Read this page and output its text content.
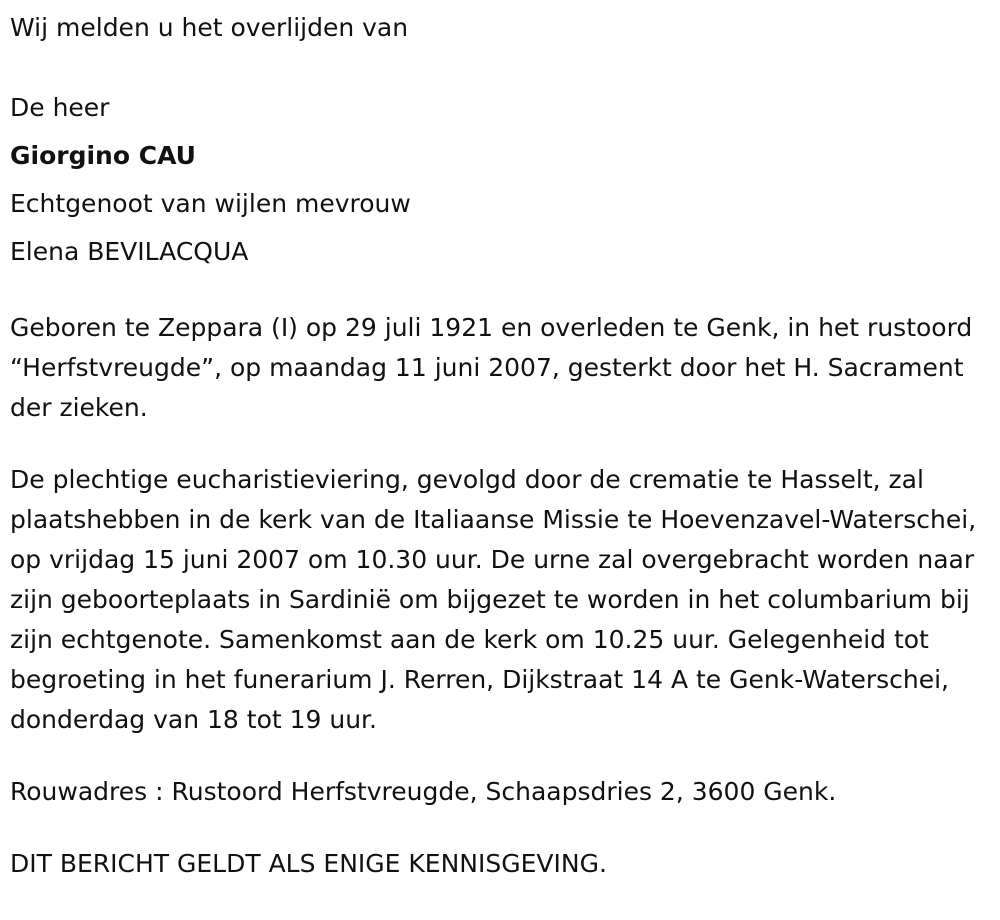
Wij melden u het overlijden van

De heer

Giorgino CAU

Echtgenoot van wijlen mevrouw

Elena BEVILACQUA

Geboren te Zeppara (I) op 29 juli 1921 en overleden te Genk, in het rustoord “Herfstvreugde”, op maandag 11 juni 2007, gesterkt door het H. Sacrament der zieken.

De plechtige eucharistieviering, gevolgd door de crematie te Hasselt, zal plaatshebben in de kerk van de Italiaanse Missie te Hoevenzavel-Waterschei, op vrijdag 15 juni 2007 om 10.30 uur. De urne zal overgebracht worden naar zijn geboorteplaats in Sardinië om bijgezet te worden in het columbarium bij zijn echtgenote. Samenkomst aan de kerk om 10.25 uur. Gelegenheid tot begroeting in het funerarium J. Rerren, Dijkstraat 14 A te Genk-Waterschei, donderdag van 18 tot 19 uur.

Rouwadres : Rustoord Herfstvreugde, Schaapsdries 2, 3600 Genk.

DIT BERICHT GELDT ALS ENIGE KENNISGEVING.
